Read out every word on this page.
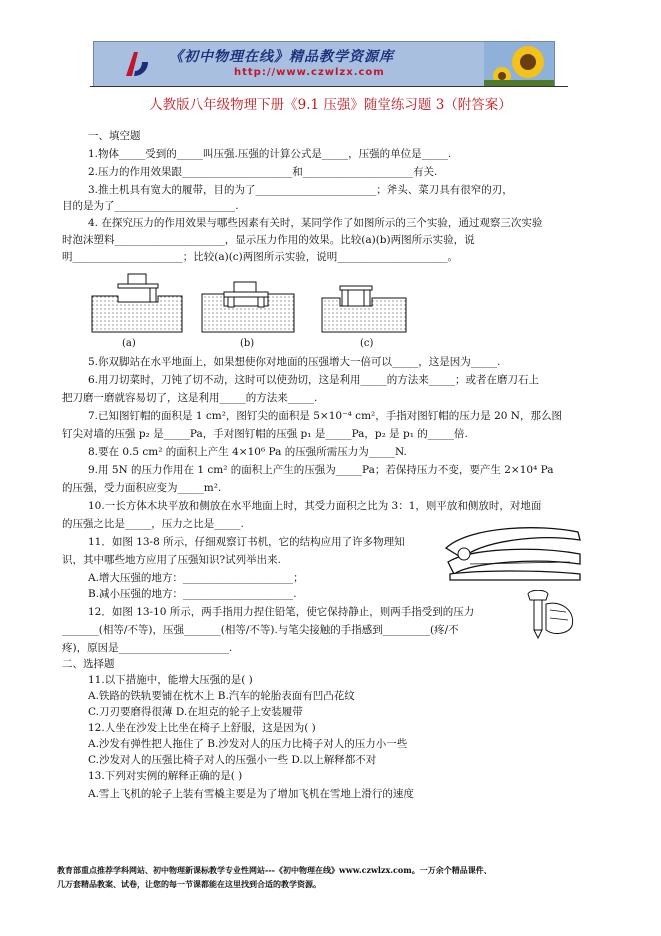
《初中物理在线》精品教学资源库
http://www.czwlzx.com
人教版八年级物理下册《9.1 压强》随堂练习题 3（附答案）
一、填空题
1.物体_____受到的_____叫压强.压强的计算公式是_____，压强的单位是_____.
2.压力的作用效果跟_____________________和_____________________有关.
3.推土机具有宽大的履带，目的为了_______________________；斧头、菜刀具有很窄的刃，
目的是为了_______________________.
4. 在探究压力的作用效果与哪些因素有关时，某同学作了如图所示的三个实验，通过观察三次实验
时泡沫塑料_____________________，显示压力作用的效果。比较(a)(b)两图所示实验，说
明_____________________；比较(a)(c)两图所示实验，说明_____________________。
(a)	(b)	(c)
5.你双脚站在水平地面上，如果想使你对地面的压强增大一倍可以_____，这是因为_____.
6.用刀切菜时，刀钝了切不动，这时可以使劲切，这是利用_____的方法来_____；或者在磨刀石上
把刀磨一磨就容易切了，这是利用_____的方法来_____.
7.已知图钉帽的面积是 1 cm²，图钉尖的面积是 5×10⁻⁴ cm²，手指对图钉帽的压力是 20 N，那么图
钉尖对墙的压强 p₂ 是_____Pa，手对图钉帽的压强 p₁ 是_____Pa，p₂ 是 p₁ 的_____倍.
8.要在 0.5 cm² 的面积上产生 4×10⁶ Pa 的压强所需压力为_____N.
9.用 5N 的压力作用在 1 cm² 的面积上产生的压强为_____Pa；若保持压力不变，要产生 2×10⁴ Pa
的压强，受力面积应变为_____m².
10.一长方体木块平放和侧放在水平地面上时，其受力面积之比为 3：1，则平放和侧放时，对地面
的压强之比是_____，压力之比是_____.
11．如图 13-8 所示，仔细观察订书机，它的结构应用了许多物理知
识，其中哪些地方应用了压强知识?试列举出来.
A.增大压强的地方：_____________________；
B.减小压强的地方：_____________________.
12．如图 13-10 所示，两手指用力捏住铅笔，使它保持静止，则两手指受到的压力
_______(相等/不等)，压强_______(相等/不等).与笔尖接触的手指感到_________(疼/不
疼)，原因是_____________________.
二、选择题
11.以下措施中，能增大压强的是( )
A.铁路的铁轨要铺在枕木上 B.汽车的轮胎表面有凹凸花纹
C.刀刃要磨得很薄 D.在坦克的轮子上安装履带
12.人坐在沙发上比坐在椅子上舒服，这是因为( )
A.沙发有弹性把人拖住了 B.沙发对人的压力比椅子对人的压力小一些
C.沙发对人的压强比椅子对人的压强小一些 D.以上解释都不对
13.下列对实例的解释正确的是( )
A.雪上飞机的轮子上装有雪橇主要是为了增加飞机在雪地上滑行的速度
教育部重点推荐学科网站、初中物理新课标教学专业性网站---《初中物理在线》www.czwlzx.com。一万余个精品课件、
几万套精品教案、试卷，让您的每一节课都能在这里找到合适的教学资源。
